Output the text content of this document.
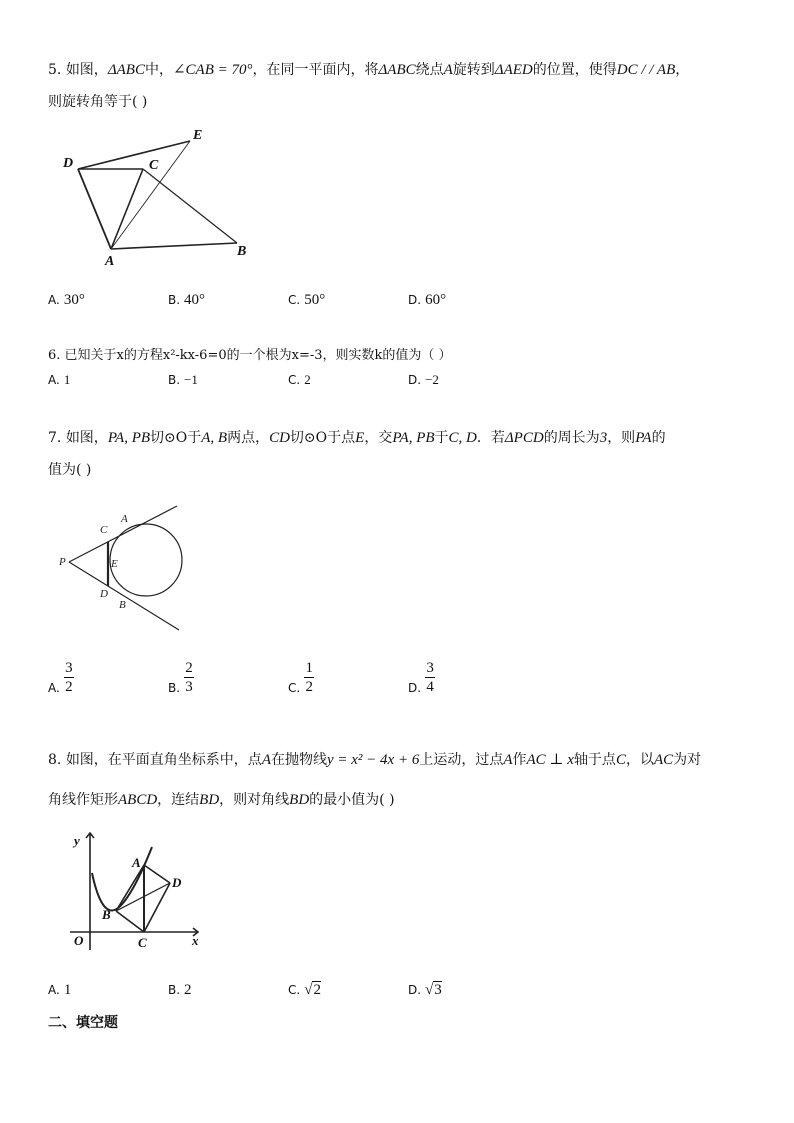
5. 如图，ΔABC中，∠CAB = 70°，在同一平面内，将ΔABC绕点A旋转到ΔAED的位置，使得DC / / AB，
则旋转角等于( )
D	C
E
A
B
A. 30°	B. 40°	C. 50°	D. 60°
6. 已知关于x的方程x²-kx-6=0的一个根为x=-3，则实数k的值为（ ）
A. 1	B. −1	C. 2	D. −2
7. 如图，PA, PB切⊙O于A, B两点，CD切⊙O于点E，交PA, PB于C, D．若ΔPCD的周长为3，则PA的
值为( )
P
C
A
E
D
B
A. $\frac{3}{2}$	B. $\frac{2}{3}$	C. $\frac{1}{2}$	D. $\frac{3}{4}$
8. 如图，在平面直角坐标系中，点A在抛物线y = x² − 4x + 6上运动，过点A作AC ⊥ x轴于点C，以AC为对
角线作矩形ABCD，连结BD，则对角线BD的最小值为( )
y
A
D
B
O	C	x
A. 1	B. 2	C. √2	D. √3
二、填空题
